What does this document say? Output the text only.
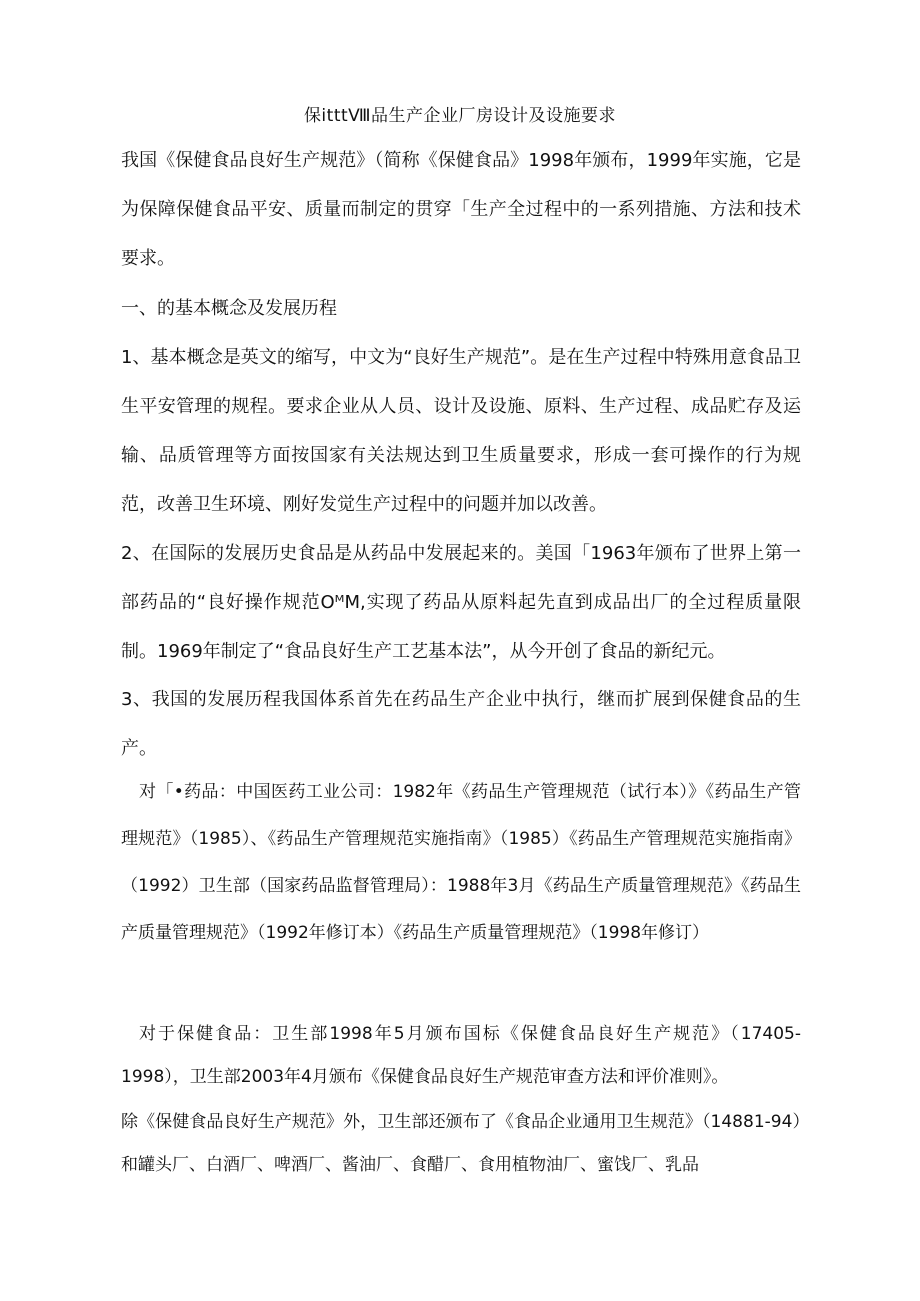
保itttⅧ品生产企业厂房设计及设施要求

我国《保健食品良好生产规范》（简称《保健食品》1998年颁布，1999年实施，它是为保障保健食品平安、质量而制定的贯穿「生产全过程中的一系列措施、方法和技术要求。

一、的基本概念及发展历程

1、基本概念是英文的缩写，中文为“良好生产规范”。是在生产过程中特殊用意食品卫生平安管理的规程。要求企业从人员、设计及设施、原料、生产过程、成品贮存及运输、品质管理等方面按国家有关法规达到卫生质量要求，形成一套可操作的行为规范，改善卫生环境、刚好发觉生产过程中的问题并加以改善。

2、在国际的发展历史食品是从药品中发展起来的。美国「1963年颁布了世界上第一部药品的“良好操作规范OᴹM,实现了药品从原料起先直到成品出厂的全过程质量限制。1969年制定了“食品良好生产工艺基本法”，从今开创了食品的新纪元。

3、我国的发展历程我国体系首先在药品生产企业中执行，继而扩展到保健食品的生产。

对「•药品：中国医药工业公司：1982年《药品生产管理规范（试行本）》《药品生产管理规范》（1985）、《药品生产管理规范实施指南》（1985）《药品生产管理规范实施指南》（1992）卫生部（国家药品监督管理局）：1988年3月《药品生产质量管理规范》《药品生产质量管理规范》（1992年修订本）《药品生产质量管理规范》（1998年修订）

对于保健食品：卫生部1998年5月颁布国标《保健食品良好生产规范》（17405-1998），卫生部2003年4月颁布《保健食品良好生产规范审查方法和评价准则》。

除《保健食品良好生产规范》外，卫生部还颁布了《食品企业通用卫生规范》（14881-94）和罐头厂、白酒厂、啤酒厂、酱油厂、食醋厂、食用植物油厂、蜜饯厂、乳品
